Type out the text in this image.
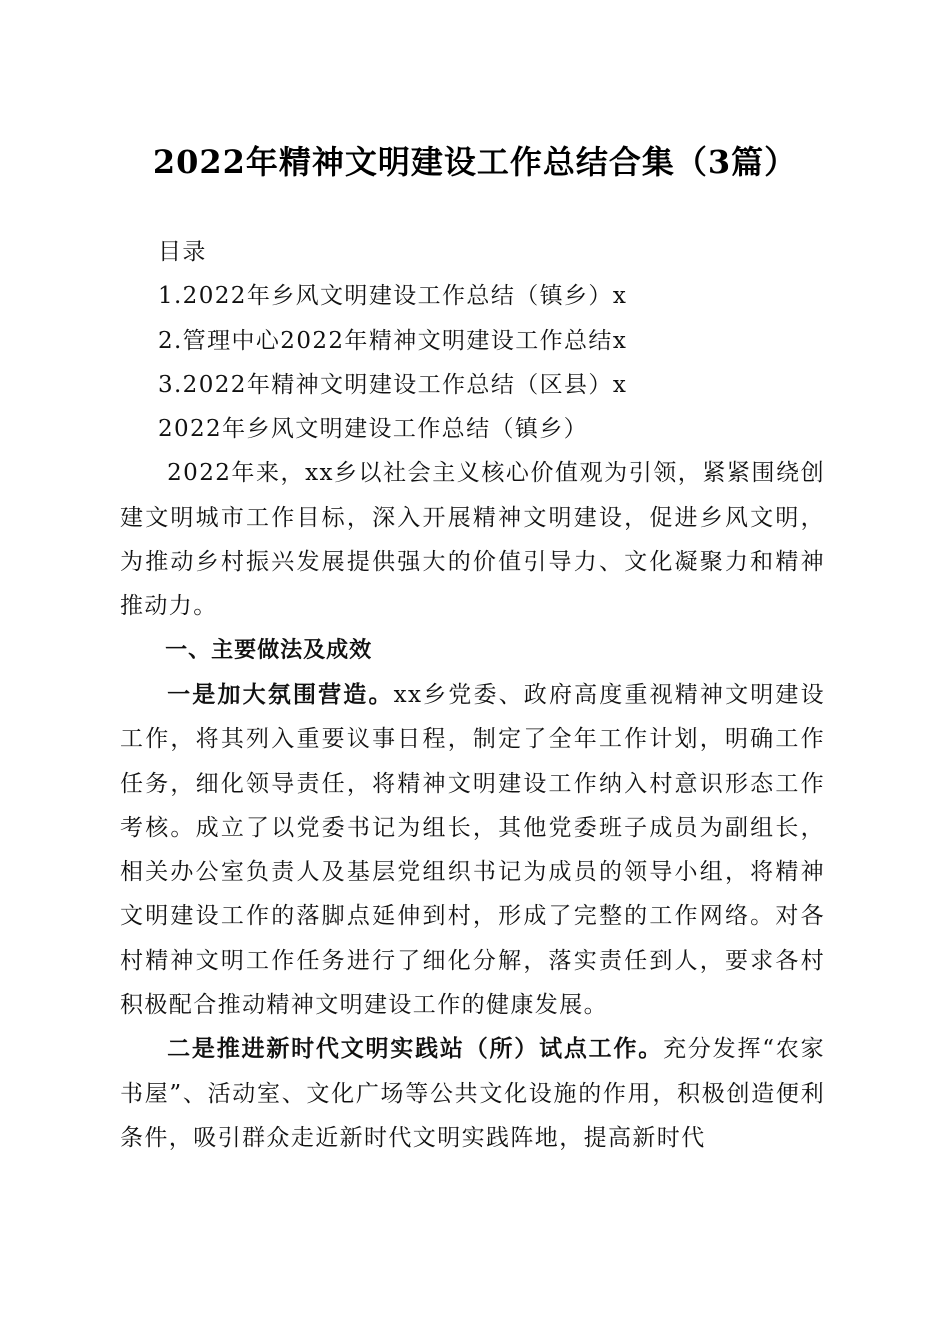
2022年精神文明建设工作总结合集（3篇）

目录

1.2022年乡风文明建设工作总结（镇乡）x

2.管理中心2022年精神文明建设工作总结x

3.2022年精神文明建设工作总结（区县）x

2022年乡风文明建设工作总结（镇乡）

2022年来，xx乡以社会主义核心价值观为引领，紧紧围绕创建文明城市工作目标，深入开展精神文明建设，促进乡风文明，为推动乡村振兴发展提供强大的价值引导力、文化凝聚力和精神推动力。

一、主要做法及成效

一是加大氛围营造。xx乡党委、政府高度重视精神文明建设工作，将其列入重要议事日程，制定了全年工作计划，明确工作任务，细化领导责任，将精神文明建设工作纳入村意识形态工作考核。成立了以党委书记为组长，其他党委班子成员为副组长，相关办公室负责人及基层党组织书记为成员的领导小组，将精神文明建设工作的落脚点延伸到村，形成了完整的工作网络。对各村精神文明工作任务进行了细化分解，落实责任到人，要求各村积极配合推动精神文明建设工作的健康发展。

二是推进新时代文明实践站（所）试点工作。充分发挥“农家书屋”、活动室、文化广场等公共文化设施的作用，积极创造便利条件，吸引群众走近新时代文明实践阵地，提高新时代
